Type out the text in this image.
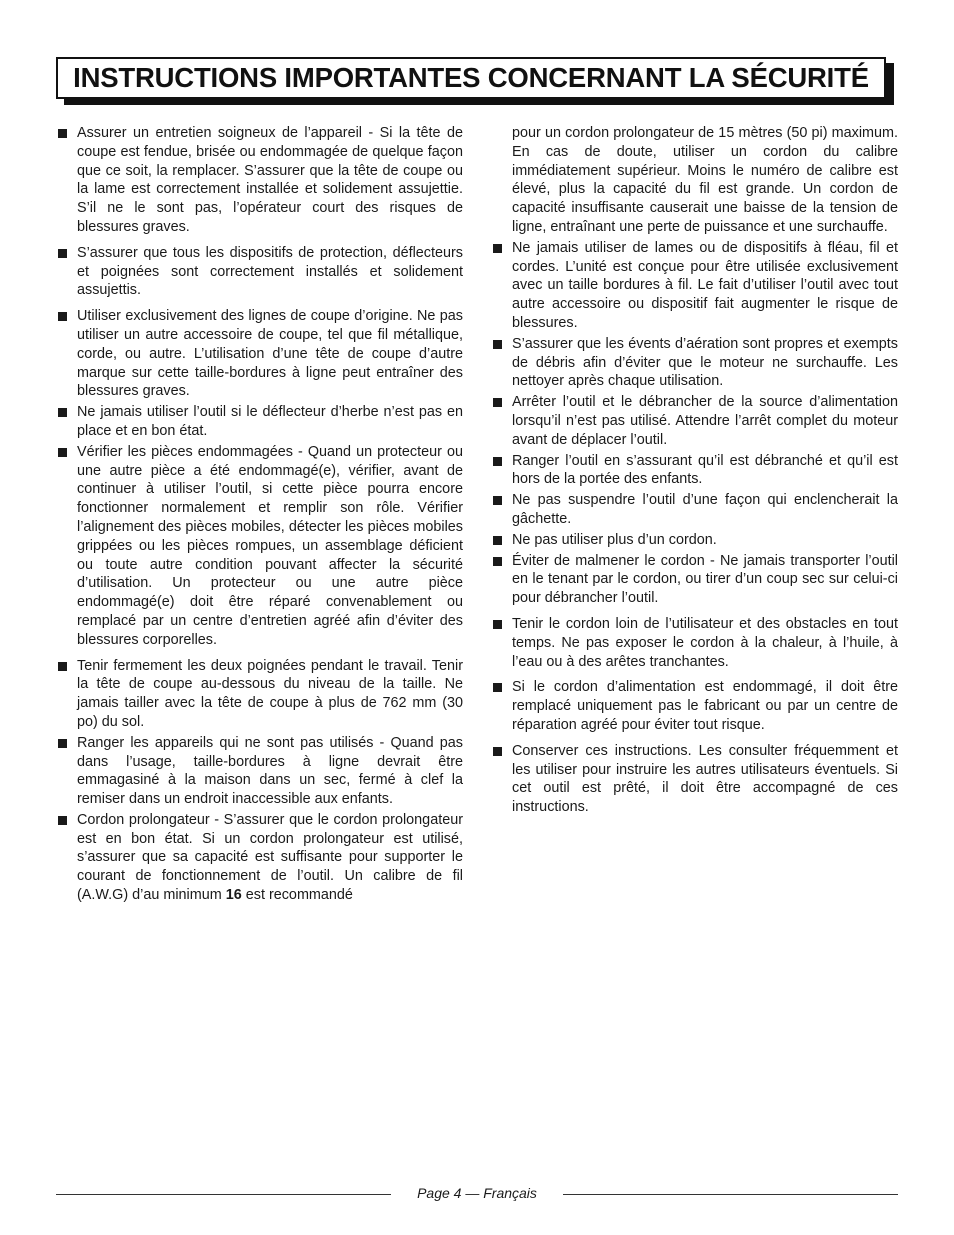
INSTRUCTIONS IMPORTANTES CONCERNANT LA SÉCURITÉ
Assurer un entretien soigneux de l’appareil - Si la tête de coupe est fendue, brisée ou endommagée de quelque façon que ce soit, la remplacer. S’assurer que la tête de coupe ou la lame est correctement installée et solidement assujettie. S’il ne le sont pas, l’opérateur court des risques de blessures graves.
S’assurer que tous les dispositifs de protection, déflecteurs et poignées sont correctement installés et solidement assujettis.
Utiliser exclusivement des lignes de coupe d’origine. Ne pas utiliser un autre accessoire de coupe, tel que fil métallique, corde, ou autre. L’utilisation d’une tête de coupe d’autre marque sur cette taille-bordures à ligne peut entraîner des blessures graves.
Ne jamais utiliser l’outil si le déflecteur d’herbe n’est pas en place et en bon état.
Vérifier les pièces endommagées - Quand un protecteur ou une autre pièce a été endommagé(e), vérifier, avant de continuer à utiliser l’outil, si cette pièce pourra encore fonctionner normalement et remplir son rôle. Vérifier l’alignement des pièces mobiles, détecter les pièces mobiles grippées ou les pièces rompues, un assemblage déficient ou toute autre condition pouvant affecter la sécurité d’utilisation. Un protecteur ou une autre pièce endommagé(e) doit être réparé convenablement ou remplacé par un centre d’entretien agréé afin d’éviter des blessures corporelles.
Tenir fermement les deux poignées pendant le travail. Tenir la tête de coupe au-dessous du niveau de la taille. Ne jamais tailler avec la tête de coupe à plus de 762 mm (30 po) du sol.
Ranger les appareils qui ne sont pas utilisés - Quand pas dans l’usage, taille-bordures à ligne devrait être emmagasiné à la maison dans un sec, fermé à clef la remiser dans un endroit inaccessible aux enfants.
Cordon prolongateur - S’assurer que le cordon prolongateur est en bon état. Si un cordon prolongateur est utilisé, s’assurer que sa capacité est suffisante pour supporter le courant de fonctionnement de l’outil. Un calibre de fil (A.W.G) d’au minimum 16 est recommandé
pour un cordon prolongateur de 15 mètres (50 pi) maximum. En cas de doute, utiliser un cordon du calibre immédiatement supérieur. Moins le numéro de calibre est élevé, plus la capacité du fil est grande. Un cordon de capacité insuffisante causerait une baisse de la tension de ligne, entraînant une perte de puissance et une surchauffe.
Ne jamais utiliser de lames ou de dispositifs à fléau, fil et cordes. L’unité est conçue pour être utilisée exclusivement avec un taille bordures à fil. Le fait d’utiliser l’outil avec tout autre accessoire ou dispositif fait augmenter le risque de blessures.
S’assurer que les évents d’aération sont propres et exempts de débris afin d’éviter que le moteur ne surchauffe. Les nettoyer après chaque utilisation.
Arrêter l’outil et le débrancher de la source d’alimentation lorsqu’il n’est pas utilisé. Attendre l’arrêt complet du moteur avant de déplacer l’outil.
Ranger l’outil en s’assurant qu’il est débranché et qu’il est hors de la portée des enfants.
Ne pas suspendre l’outil d’une façon qui enclencherait la gâchette.
Ne pas utiliser plus d’un cordon.
Éviter de malmener le cordon - Ne jamais transporter l’outil en le tenant par le cordon, ou tirer d’un coup sec sur celui-ci pour débrancher l’outil.
Tenir le cordon loin de l’utilisateur et des obstacles en tout temps. Ne pas exposer le cordon à la chaleur, à l’huile, à l’eau ou à des arêtes tranchantes.
Si le cordon d’alimentation est endommagé, il doit être remplacé uniquement pas le fabricant ou par un centre de réparation agréé pour éviter tout risque.
Conserver ces instructions. Les consulter fréquemment et les utiliser pour instruire les autres utilisateurs éventuels. Si cet outil est prêté, il doit être accompagné de ces instructions.
Page 4 — Français
